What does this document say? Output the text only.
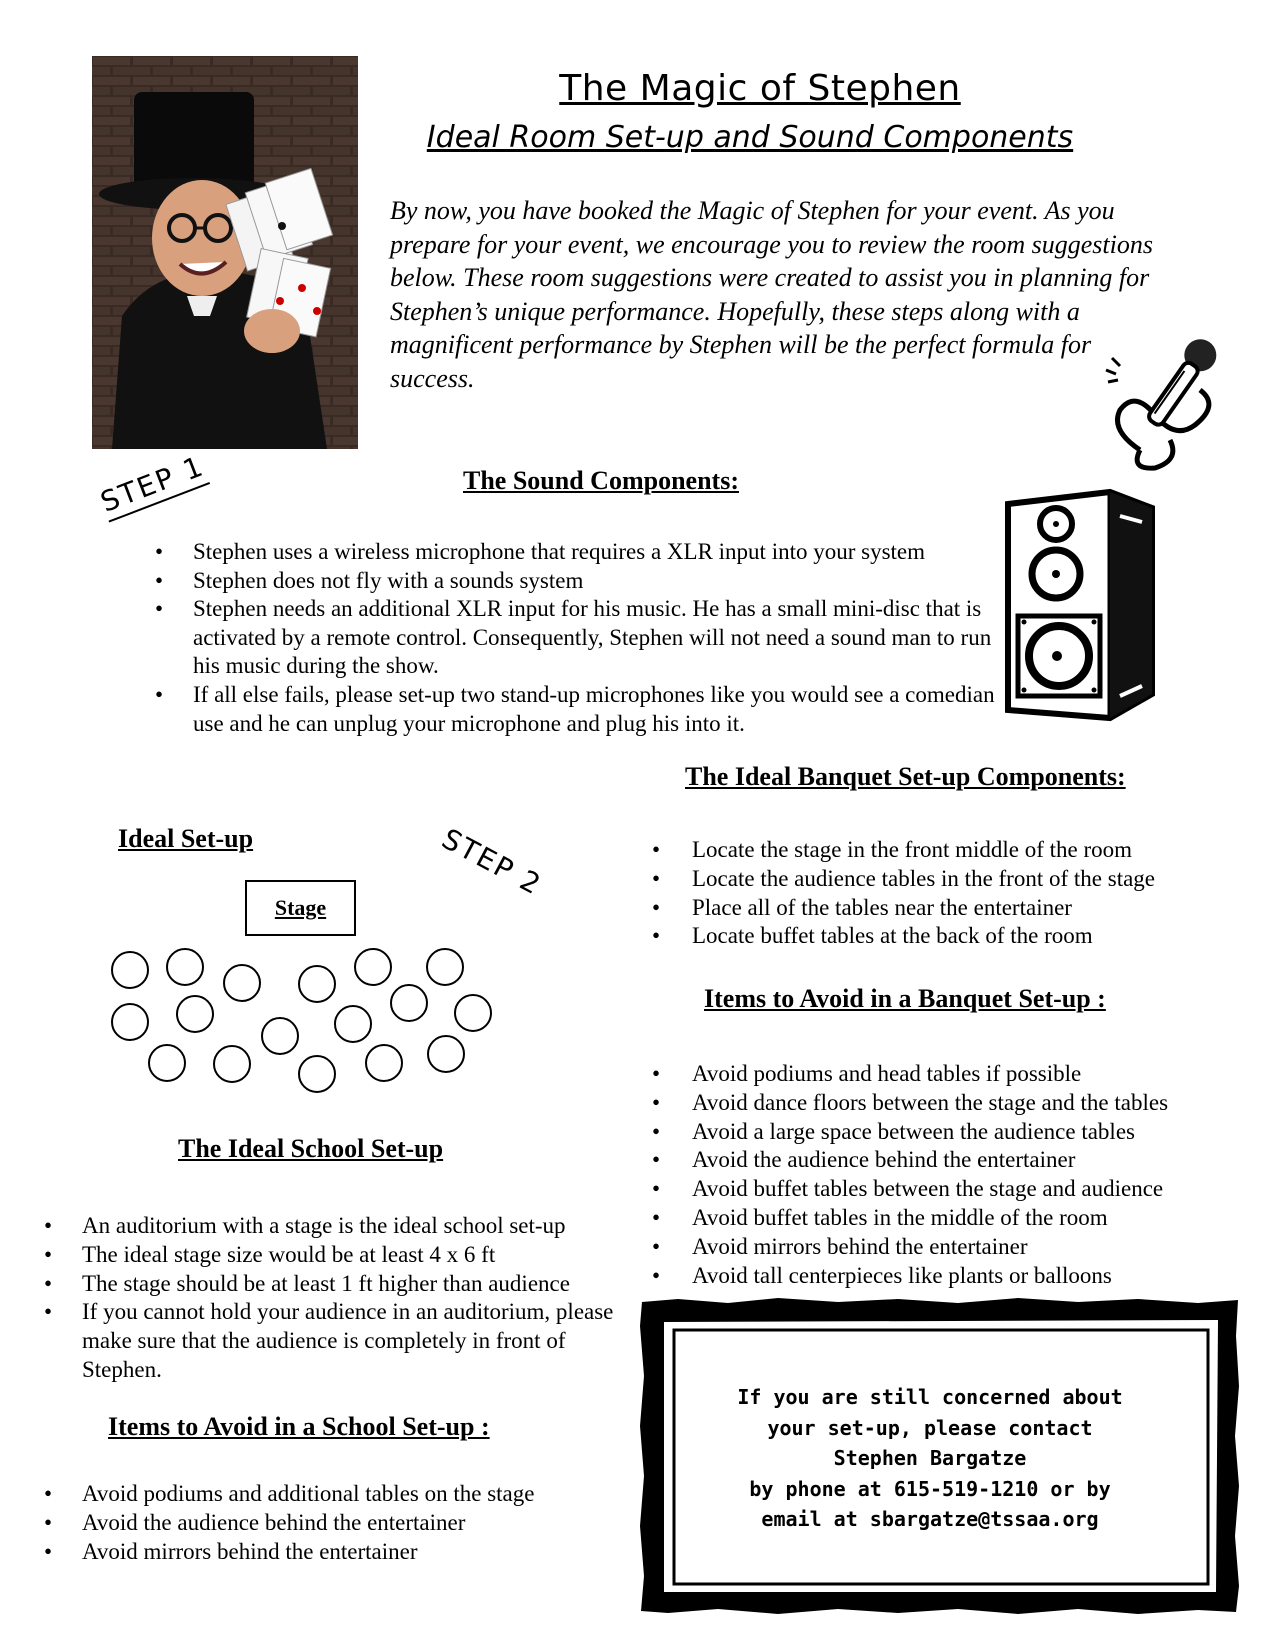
The Magic of Stephen
Ideal Room Set-up and Sound Components
By now, you have booked the Magic of Stephen for your event. As you prepare for your event, we encourage you to review the room suggestions below. These room suggestions were created to assist you in planning for Stephen’s unique performance. Hopefully, these steps along with a magnificent performance by Stephen will be the perfect formula for success.
STEP 1	The Sound Components:
• Stephen uses a wireless microphone that requires a XLR input into your system
• Stephen does not fly with a sounds system
• Stephen needs an additional XLR input for his music. He has a small mini-disc that is activated by a remote control. Consequently, Stephen will not need a sound man to run his music during the show.
• If all else fails, please set-up two stand-up microphones like you would see a comedian use and he can unplug your microphone and plug his into it.
The Ideal Banquet Set-up Components:
Ideal Set-up	STEP 2
Stage
• Locate the stage in the front middle of the room
• Locate the audience tables in the front of the stage
• Place all of the tables near the entertainer
• Locate buffet tables at the back of the room
Items to Avoid in a Banquet Set-up :
• Avoid podiums and head tables if possible
• Avoid dance floors between the stage and the tables
• Avoid a large space between the audience tables
• Avoid the audience behind the entertainer
• Avoid buffet tables between the stage and audience
• Avoid buffet tables in the middle of the room
• Avoid mirrors behind the entertainer
• Avoid tall centerpieces like plants or balloons
The Ideal School Set-up
• An auditorium with a stage is the ideal school set-up
• The ideal stage size would be at least 4 x 6 ft
• The stage should be at least 1 ft higher than audience
• If you cannot hold your audience in an auditorium, please make sure that the audience is completely in front of Stephen.
Items to Avoid in a School Set-up :
• Avoid podiums and additional tables on the stage
• Avoid the audience behind the entertainer
• Avoid mirrors behind the entertainer
If you are still concerned about
your set-up, please contact
Stephen Bargatze
by phone at 615-519-1210 or by
email at sbargatze@tssaa.org
